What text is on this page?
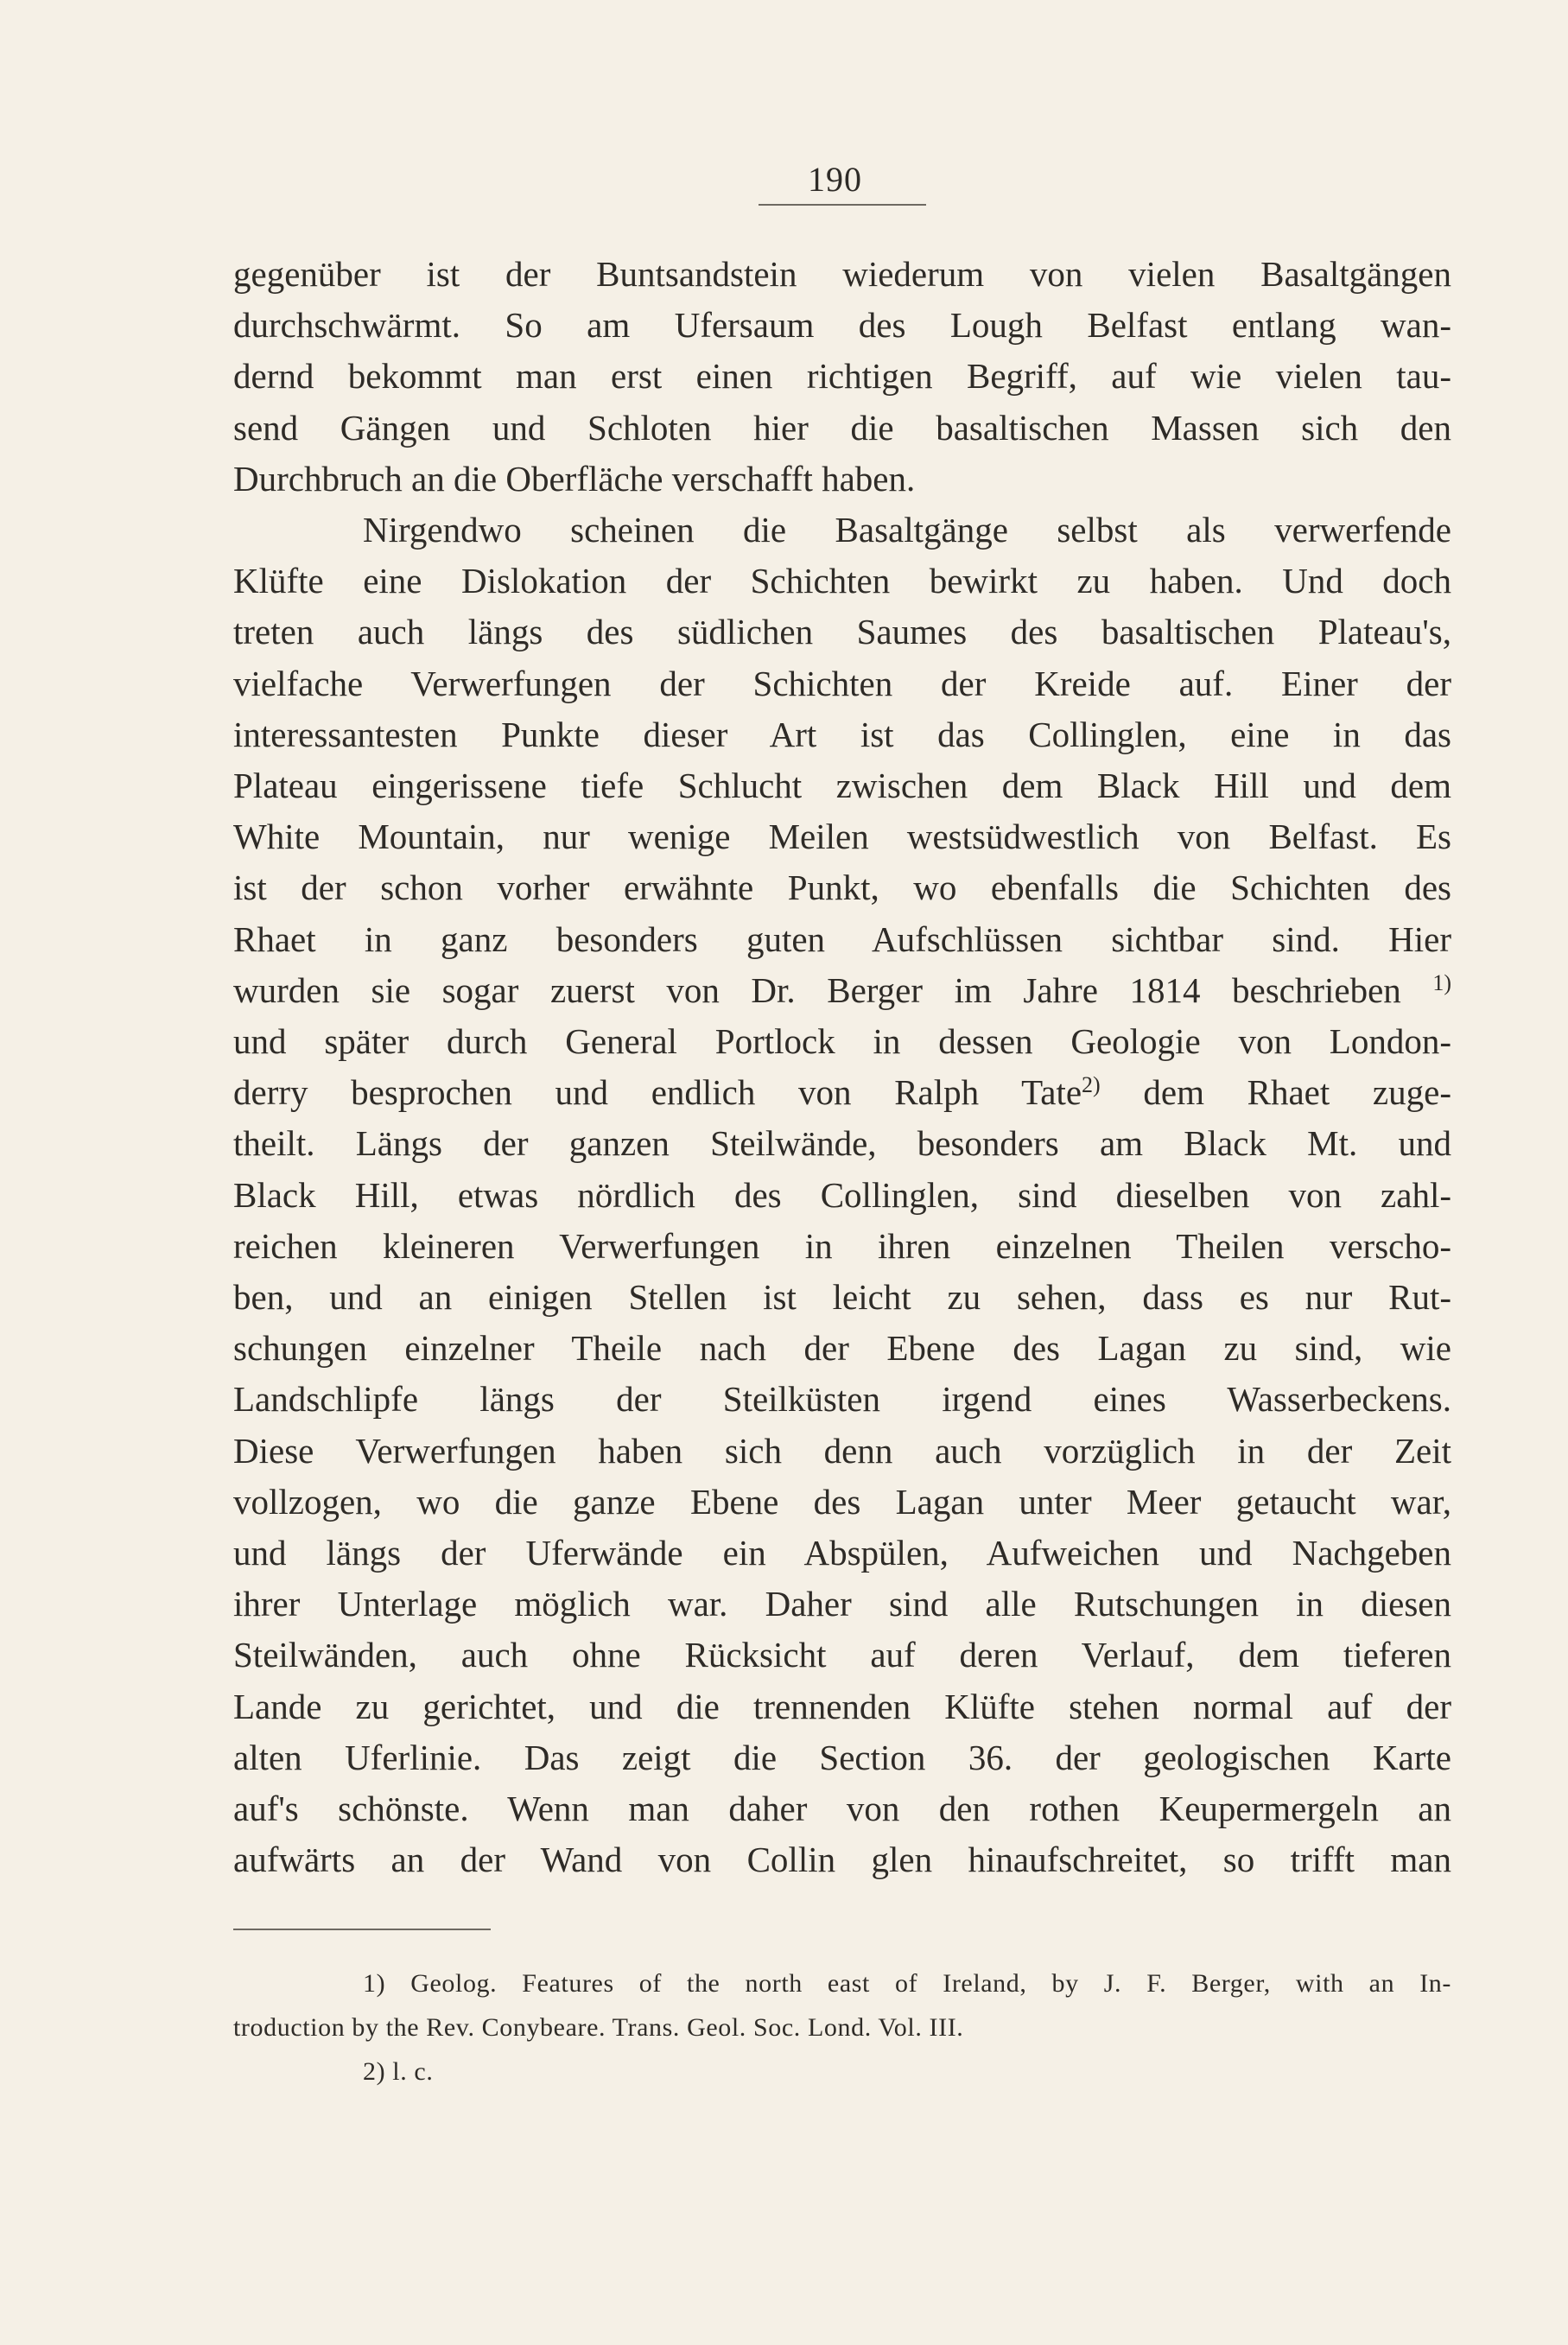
190
gegenüber ist der Buntsandstein wiederum von vielen Basaltgängen
durchschwärmt. So am Ufersaum des Lough Belfast entlang wan-
dernd bekommt man erst einen richtigen Begriff, auf wie vielen tau-
send Gängen und Schloten hier die basaltischen Massen sich den
Durchbruch an die Oberfläche verschafft haben.
Nirgendwo scheinen die Basaltgänge selbst als verwerfende
Klüfte eine Dislokation der Schichten bewirkt zu haben. Und doch
treten auch längs des südlichen Saumes des basaltischen Plateau's,
vielfache Verwerfungen der Schichten der Kreide auf. Einer der
interessantesten Punkte dieser Art ist das Collinglen, eine in das
Plateau eingerissene tiefe Schlucht zwischen dem Black Hill und dem
White Mountain, nur wenige Meilen westsüdwestlich von Belfast. Es
ist der schon vorher erwähnte Punkt, wo ebenfalls die Schichten des
Rhaet in ganz besonders guten Aufschlüssen sichtbar sind. Hier
wurden sie sogar zuerst von Dr. Berger im Jahre 1814 beschrieben $^{1)}$
und später durch General Portlock in dessen Geologie von London-
derry besprochen und endlich von Ralph Tate$^{2)}$ dem Rhaet zuge-
theilt. Längs der ganzen Steilwände, besonders am Black Mt. und
Black Hill, etwas nördlich des Collinglen, sind dieselben von zahl-
reichen kleineren Verwerfungen in ihren einzelnen Theilen verscho-
ben, und an einigen Stellen ist leicht zu sehen, dass es nur Rut-
schungen einzelner Theile nach der Ebene des Lagan zu sind, wie
Landschlipfe längs der Steilküsten irgend eines Wasserbeckens.
Diese Verwerfungen haben sich denn auch vorzüglich in der Zeit
vollzogen, wo die ganze Ebene des Lagan unter Meer getaucht war,
und längs der Uferwände ein Abspülen, Aufweichen und Nachgeben
ihrer Unterlage möglich war. Daher sind alle Rutschungen in diesen
Steilwänden, auch ohne Rücksicht auf deren Verlauf, dem tieferen
Lande zu gerichtet, und die trennenden Klüfte stehen normal auf der
alten Uferlinie. Das zeigt die Section 36. der geologischen Karte
auf's schönste. Wenn man daher von den rothen Keupermergeln an
aufwärts an der Wand von Collin glen hinaufschreitet, so trifft man
1) Geolog. Features of the north east of Ireland, by J. F. Berger, with an In-
troduction by the Rev. Conybeare. Trans. Geol. Soc. Lond. Vol. III.
2) l. c.
